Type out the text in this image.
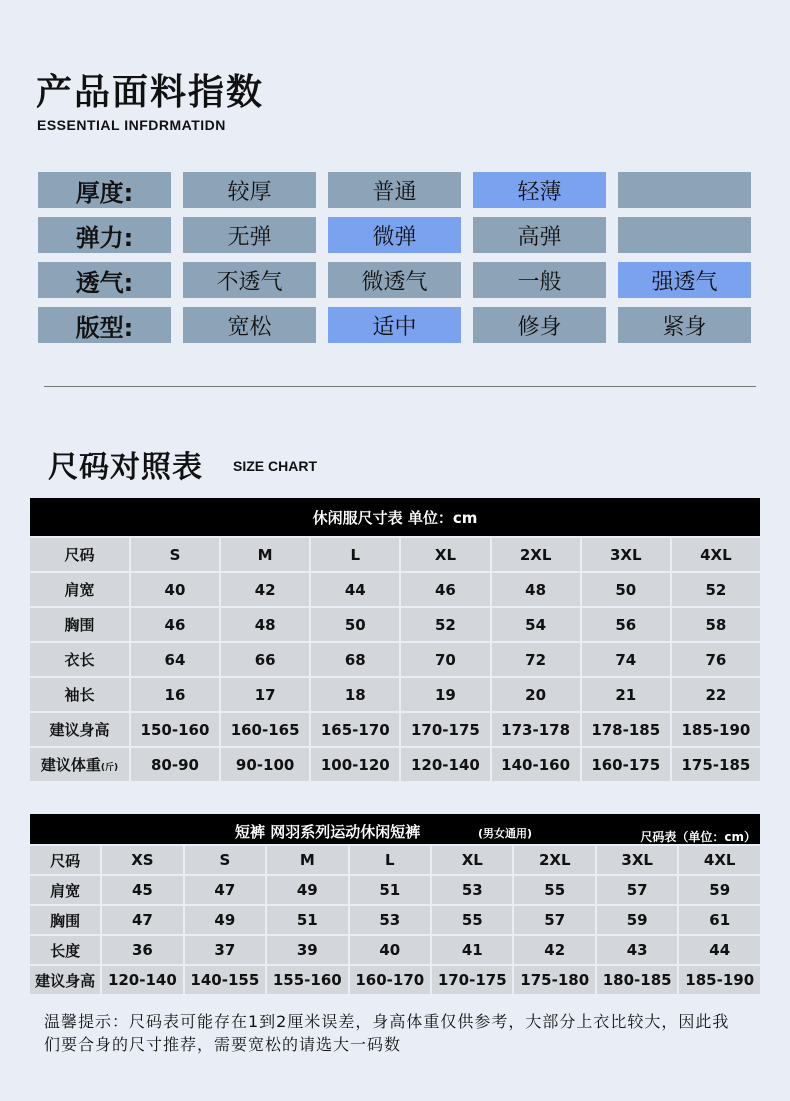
产品面料指数
ESSENTIAL INFDRMATIDN
厚度:	较厚	普通	轻薄
弹力:	无弹	微弹	高弹
透气:	不透气	微透气	一般	强透气
版型:	宽松	适中	修身	紧身
尺码对照表 SIZE CHART
休闲服尺寸表 单位：cm							
尺码	S	M	L	XL	2XL	3XL	4XL
肩宽	40	42	44	46	48	50	52
胸围	46	48	50	52	54	56	58
衣长	64	66	68	70	72	74	76
袖长	16	17	18	19	20	21	22
建议身高	150-160	160-165	165-170	170-175	173-178	178-185	185-190
建议体重(斤)	80-90	90-100	100-120	120-140	140-160	160-175	175-185
短裤 网羽系列运动休闲短裤 (男女通用) 尺码表（单位：cm）								

尺码	XS	S	M	L	XL	2XL	3XL	4XL
肩宽	45	47	49	51	53	55	57	59
胸围	47	49	51	53	55	57	59	61
长度	36	37	39	40	41	42	43	44
建议身高	120-140	140-155	155-160	160-170	170-175	175-180	180-185	185-190
温馨提示：尺码表可能存在1到2厘米误差，身高体重仅供参考，大部分上衣比较大，因此我们要合身的尺寸推荐，需要宽松的请选大一码数
